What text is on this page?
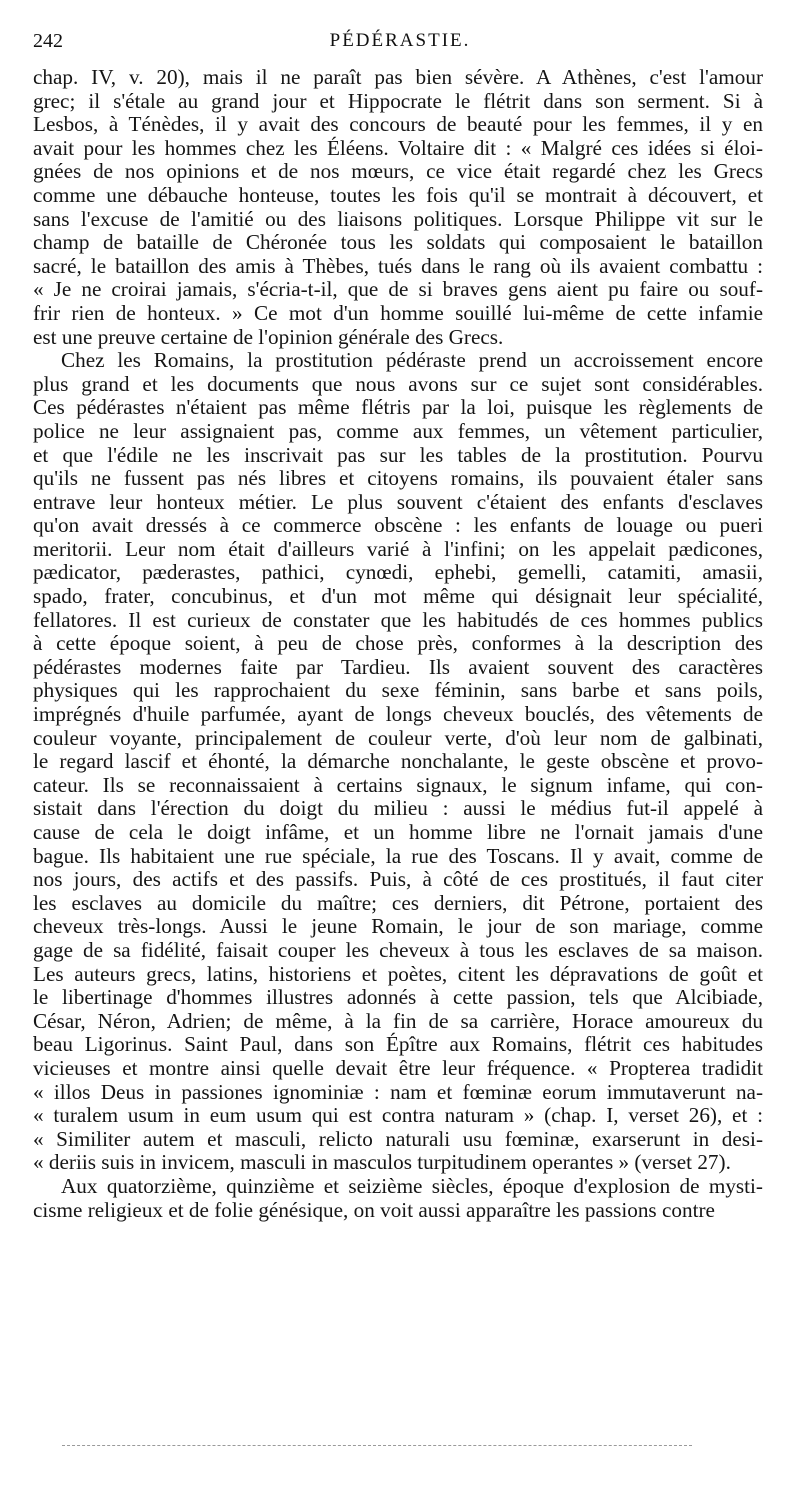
242	PÉDÉRASTIE.
chap. IV, v. 20), mais il ne paraît pas bien sévère. A Athènes, c'est l'amour
grec; il s'étale au grand jour et Hippocrate le flétrit dans son serment. Si à
Lesbos, à Ténèdes, il y avait des concours de beauté pour les femmes, il y en
avait pour les hommes chez les Éléens. Voltaire dit : « Malgré ces idées si éloi-
gnées de nos opinions et de nos mœurs, ce vice était regardé chez les Grecs
comme une débauche honteuse, toutes les fois qu'il se montrait à découvert, et
sans l'excuse de l'amitié ou des liaisons politiques. Lorsque Philippe vit sur le
champ de bataille de Chéronée tous les soldats qui composaient le bataillon
sacré, le bataillon des amis à Thèbes, tués dans le rang où ils avaient combattu :
« Je ne croirai jamais, s'écria-t-il, que de si braves gens aient pu faire ou souf-
frir rien de honteux. » Ce mot d'un homme souillé lui-même de cette infamie
est une preuve certaine de l'opinion générale des Grecs.
Chez les Romains, la prostitution pédéraste prend un accroissement encore
plus grand et les documents que nous avons sur ce sujet sont considérables.
Ces pédérastes n'étaient pas même flétris par la loi, puisque les règlements de
police ne leur assignaient pas, comme aux femmes, un vêtement particulier,
et que l'édile ne les inscrivait pas sur les tables de la prostitution. Pourvu
qu'ils ne fussent pas nés libres et citoyens romains, ils pouvaient étaler sans
entrave leur honteux métier. Le plus souvent c'étaient des enfants d'esclaves
qu'on avait dressés à ce commerce obscène : les enfants de louage ou pueri
meritorii. Leur nom était d'ailleurs varié à l'infini; on les appelait pædicones,
pædicator, pæderastes, pathici, cynœdi, ephebi, gemelli, catamiti, amasii,
spado, frater, concubinus, et d'un mot même qui désignait leur spécialité,
fellatores. Il est curieux de constater que les habitudés de ces hommes publics
à cette époque soient, à peu de chose près, conformes à la description des
pédérastes modernes faite par Tardieu. Ils avaient souvent des caractères
physiques qui les rapprochaient du sexe féminin, sans barbe et sans poils,
imprégnés d'huile parfumée, ayant de longs cheveux bouclés, des vêtements de
couleur voyante, principalement de couleur verte, d'où leur nom de galbinati,
le regard lascif et éhonté, la démarche nonchalante, le geste obscène et provo-
cateur. Ils se reconnaissaient à certains signaux, le signum infame, qui con-
sistait dans l'érection du doigt du milieu : aussi le médius fut-il appelé à
cause de cela le doigt infâme, et un homme libre ne l'ornait jamais d'une
bague. Ils habitaient une rue spéciale, la rue des Toscans. Il y avait, comme de
nos jours, des actifs et des passifs. Puis, à côté de ces prostitués, il faut citer
les esclaves au domicile du maître; ces derniers, dit Pétrone, portaient des
cheveux très-longs. Aussi le jeune Romain, le jour de son mariage, comme
gage de sa fidélité, faisait couper les cheveux à tous les esclaves de sa maison.
Les auteurs grecs, latins, historiens et poètes, citent les dépravations de goût et
le libertinage d'hommes illustres adonnés à cette passion, tels que Alcibiade,
César, Néron, Adrien; de même, à la fin de sa carrière, Horace amoureux du
beau Ligorinus. Saint Paul, dans son Épître aux Romains, flétrit ces habitudes
vicieuses et montre ainsi quelle devait être leur fréquence. « Propterea tradidit
« illos Deus in passiones ignominiæ : nam et fœminæ eorum immutaverunt na-
« turalem usum in eum usum qui est contra naturam » (chap. I, verset 26), et :
« Similiter autem et masculi, relicto naturali usu fœminæ, exarserunt in desi-
« deriis suis in invicem, masculi in masculos turpitudinem operantes » (verset 27).
Aux quatorzième, quinzième et seizième siècles, époque d'explosion de mysti-
cisme religieux et de folie génésique, on voit aussi apparaître les passions contre
